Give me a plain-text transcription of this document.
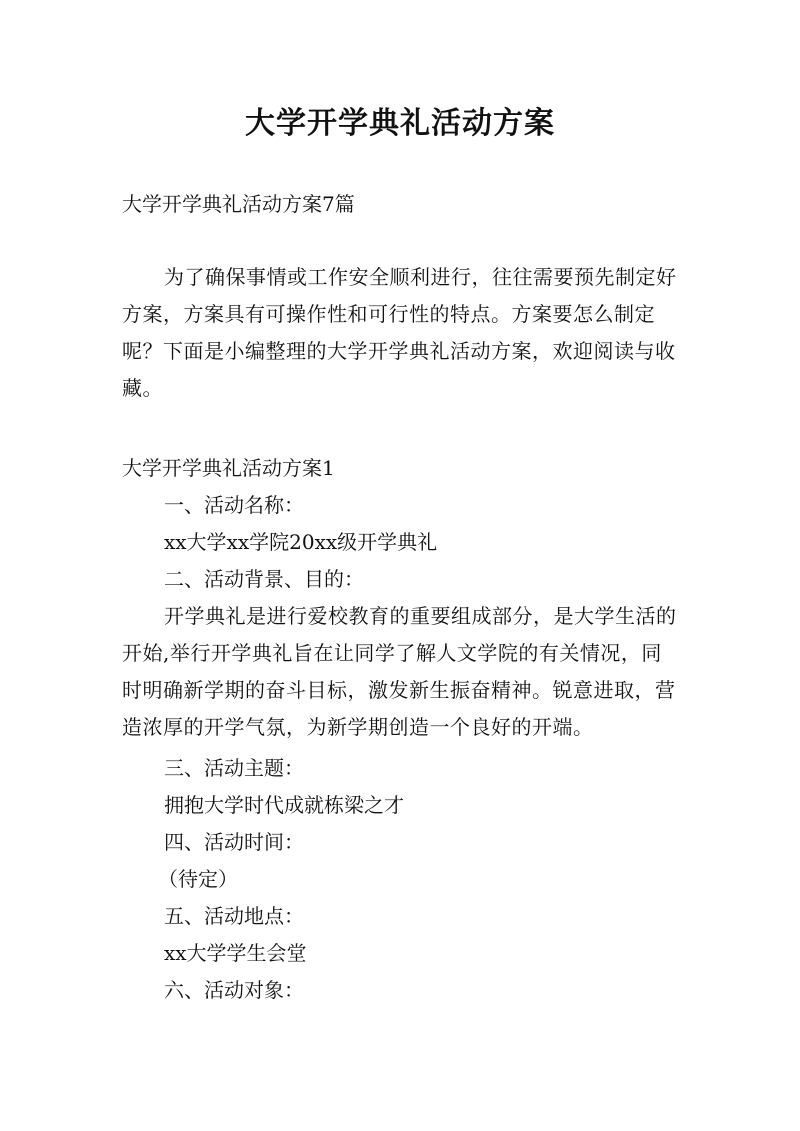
大学开学典礼活动方案
大学开学典礼活动方案7篇
为了确保事情或工作安全顺利进行，往往需要预先制定好方案，方案具有可操作性和可行性的特点。方案要怎么制定呢？下面是小编整理的大学开学典礼活动方案，欢迎阅读与收藏。
大学开学典礼活动方案1
一、活动名称：
xx大学xx学院20xx级开学典礼
二、活动背景、目的：
开学典礼是进行爱校教育的重要组成部分，是大学生活的开始,举行开学典礼旨在让同学了解人文学院的有关情况，同时明确新学期的奋斗目标，激发新生振奋精神。锐意进取，营造浓厚的开学气氛，为新学期创造一个良好的开端。
三、活动主题：
拥抱大学时代成就栋梁之才
四、活动时间：
（待定）
五、活动地点：
xx大学学生会堂
六、活动对象：
